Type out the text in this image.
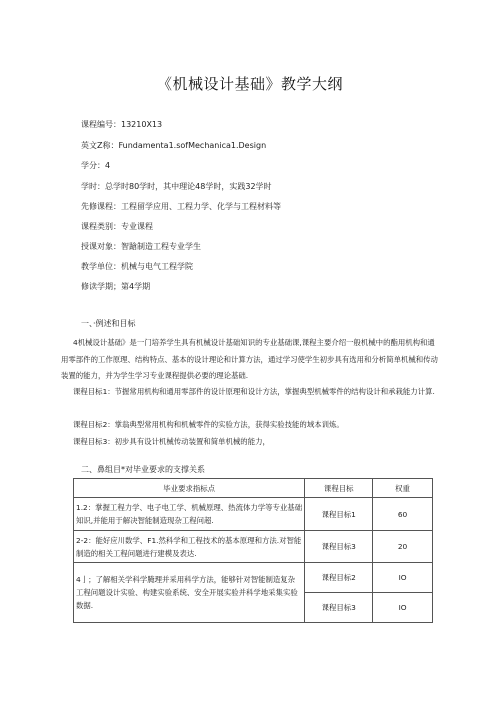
《机械设计基础》教学大纲
课程编号：13210X13
英文Z称：Fundamenta1.sofMechanica1.Design
学分：4
学时：总学时80学时，其中理论48学时，实践32学时
先修课程：工程留学应用、工程力学、化学与工程材料等
课程类别：专业课程
授课对象：智蹌制造工程专业学生
教学单位：机械与电气工程学院
修读学期；第4学期
一、·例述和目标
4机械设计基础》是一门培养学生具有机械设计基础知识的专业基础课,课程主要介绍一般机械中的酯用机构和通用零部件的工作原理、结构特点、基本的设计理论和计算方法，通过学习使学生初步具有选用和分析简单机械和传动装置的能力，并为学生学习专业课程提供必要的理论基础.
课程目标1：节握常用机构和通用零部件的设计原理和设计方法，掌握典型机械零件的结构设计和承栽能力计算.
课程目标2：掌翁典型常用机构和机械零件的实验方法，获得实验技能的域本训炼。
课程目标3：初步具有设计机械传动装置和简单机械的能力，
二、鼻组目*对毕业要求的支撑关系
毕业要求指标点	课程目标	权重
1.2：掌握工程力学、电子电工学、机械原理、热流体力学等专业基础知识,并能用于解决智能制造现杂工程问超.	课程目标1	60
2-2：能好应川数学、F1.然科学和工程技术的基本原理和方法.对智能制造的相关工程问题进行建模及表达.	课程目标3	20
4亅；了解相关学科学腌理并采用科学方法，能够针对智能制造复杂工程问题设计实验、构建实验系统、安全开展实验并科学地采集实验数据.	课程目标2	IO
	课程目标3	IO
